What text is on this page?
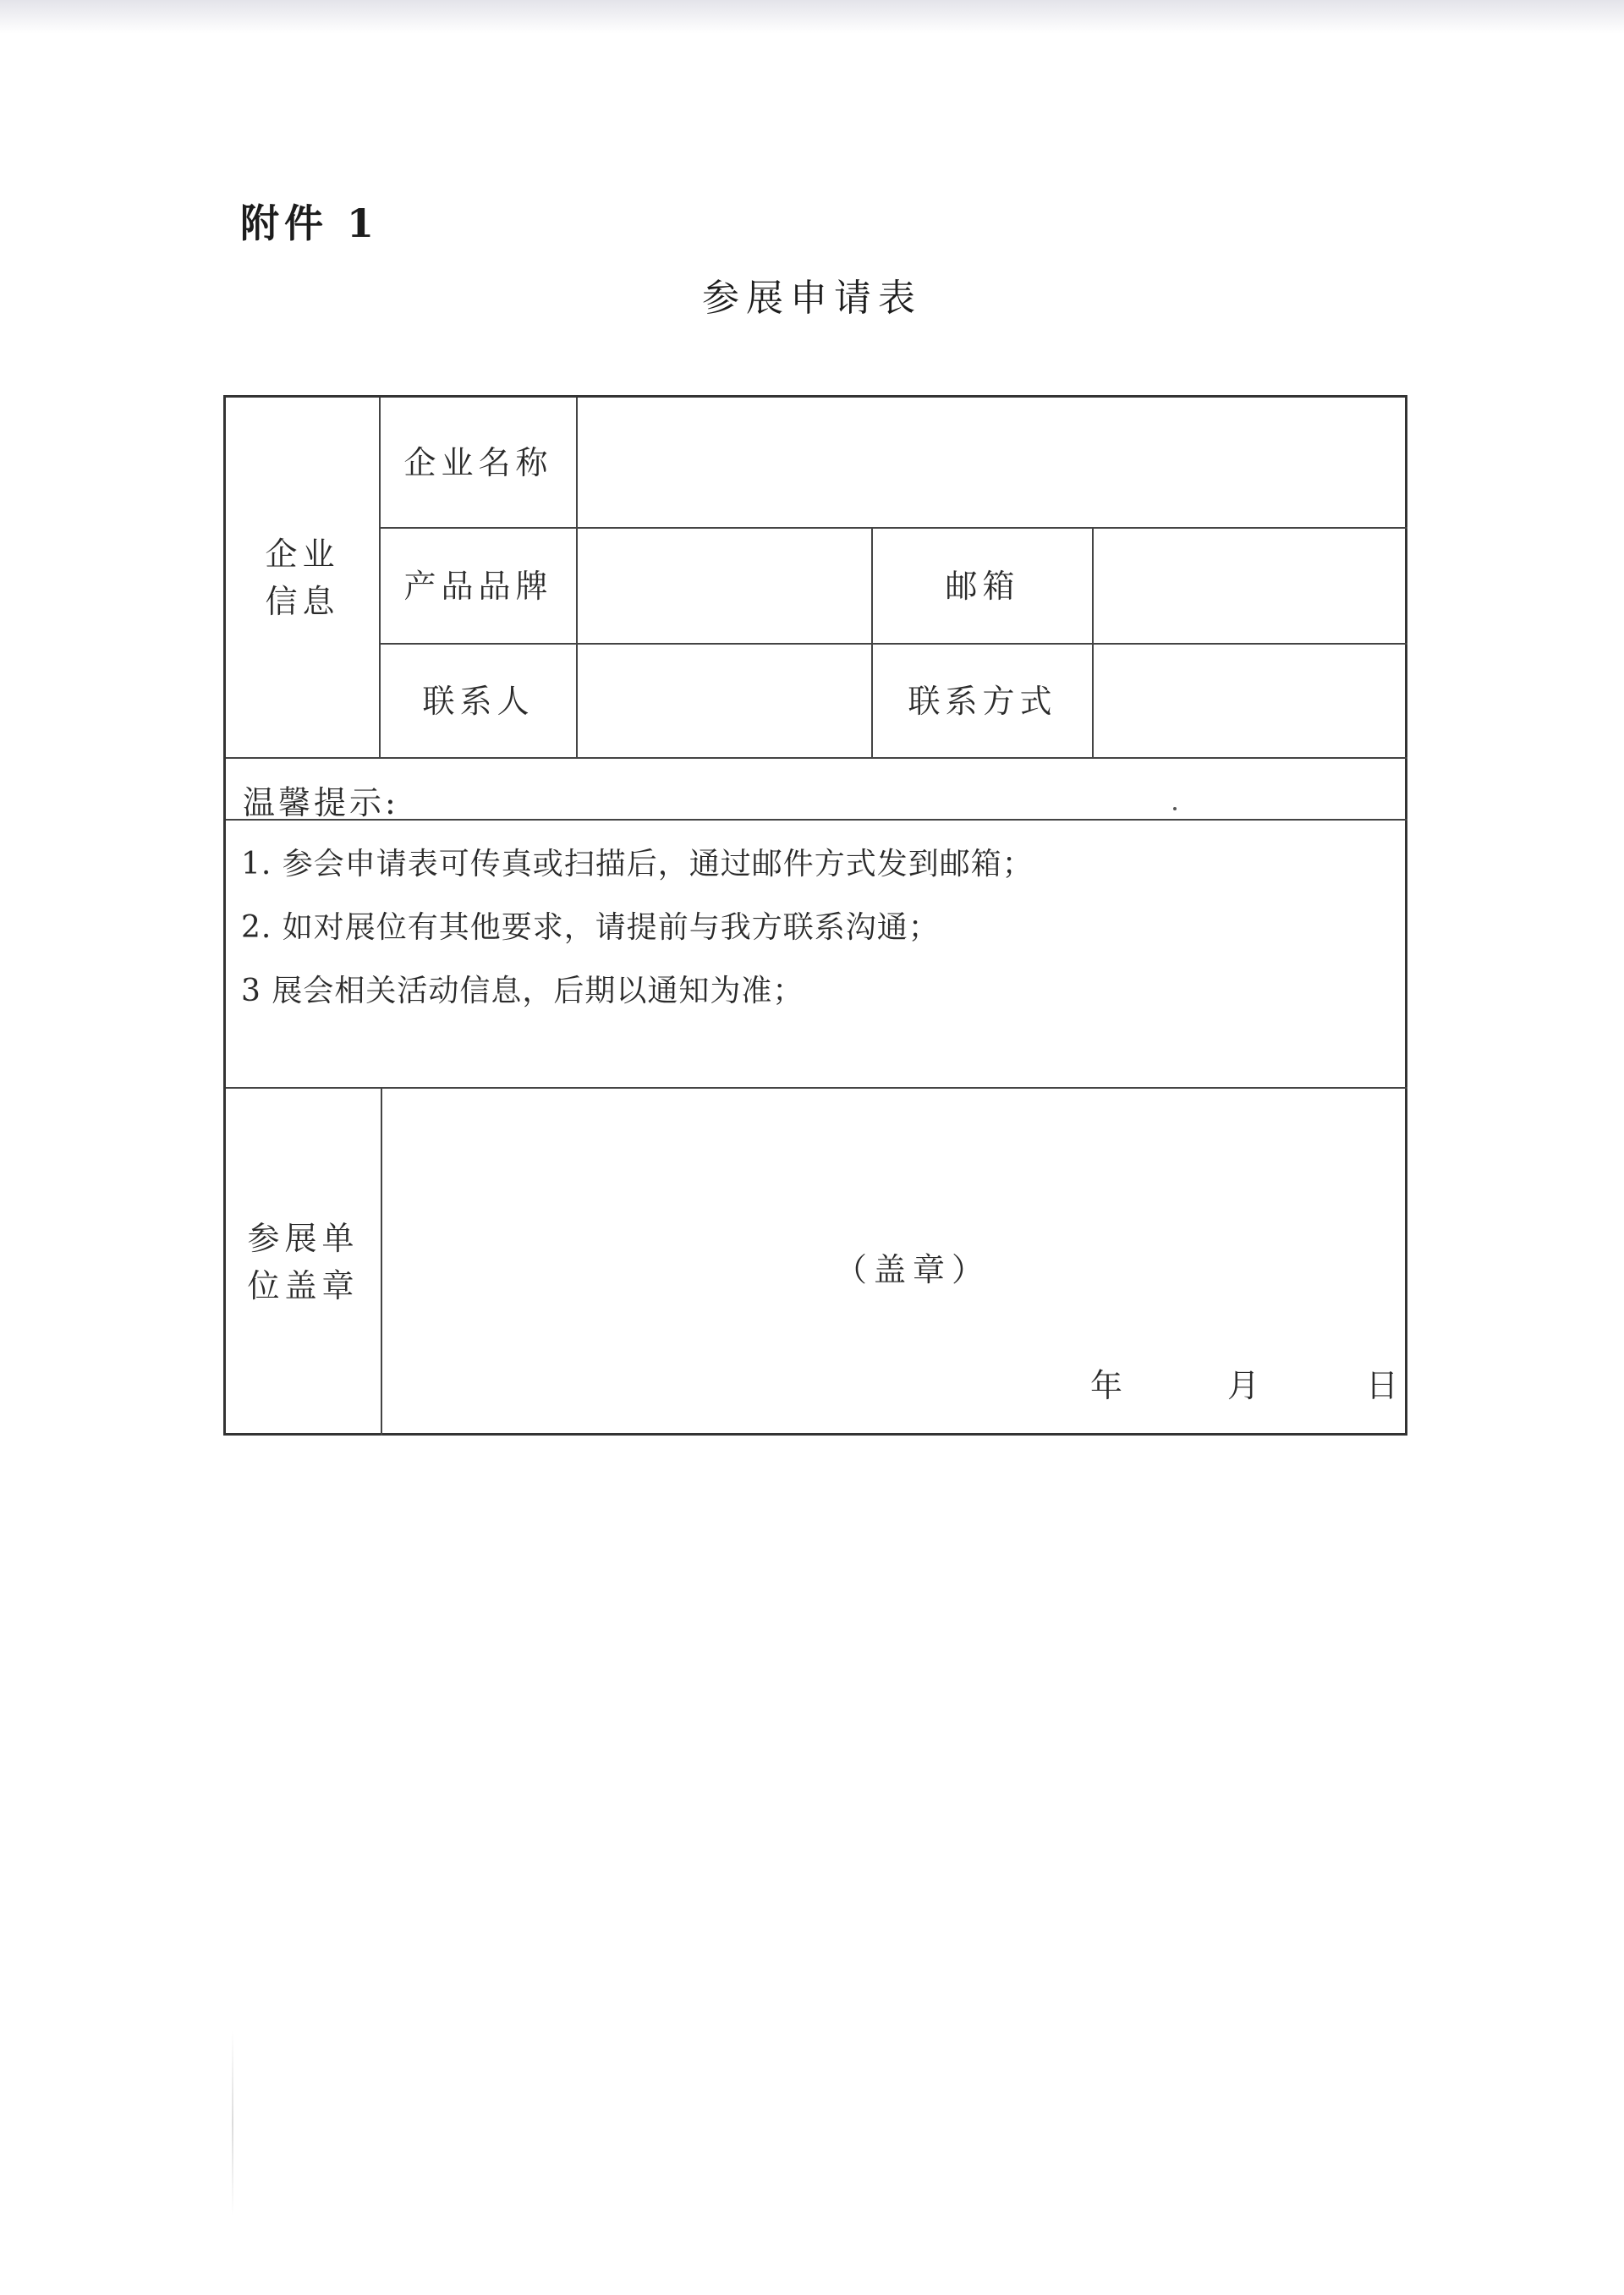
附件 1
参展申请表
企业
信息
企业名称
产品品牌	邮箱
联系人	联系方式
温馨提示:
1. 参会申请表可传真或扫描后，通过邮件方式发到邮箱；
2. 如对展位有其他要求，请提前与我方联系沟通；
3 展会相关活动信息，后期以通知为准；
参展单
位盖章	（盖章）
年	月	日
